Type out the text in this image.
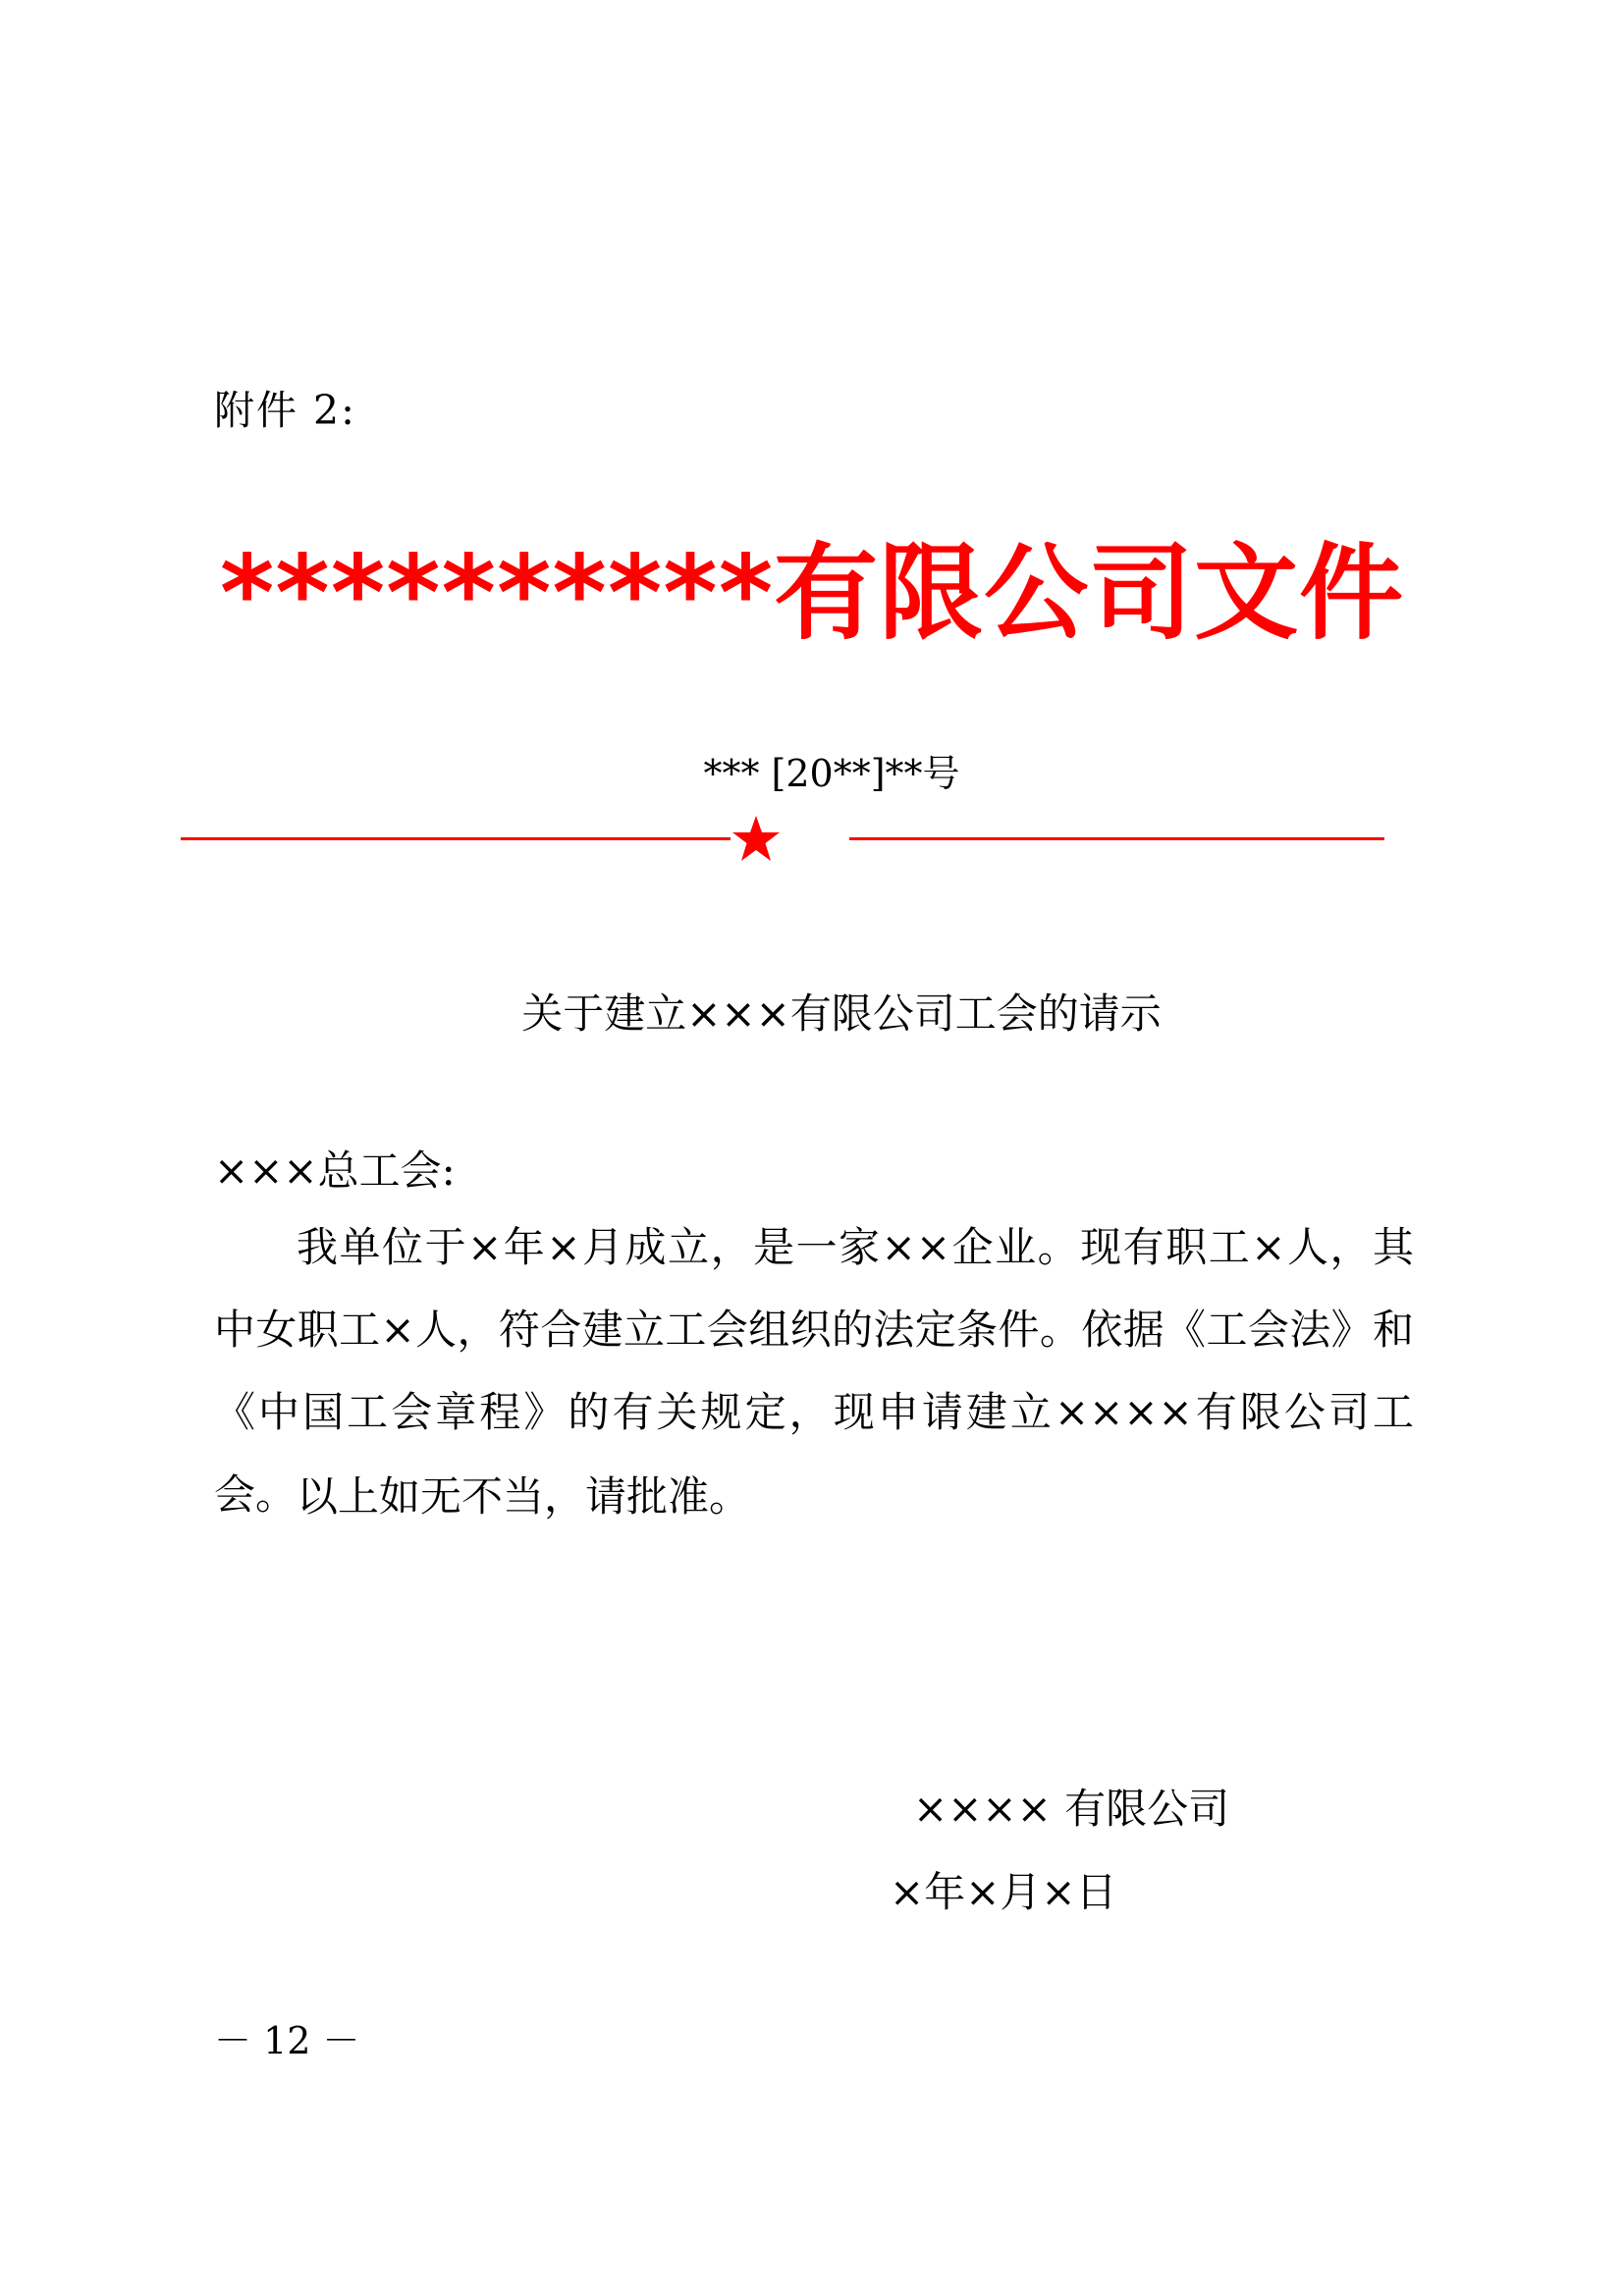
附件 2:
**********有限公司文件
*** [20**]**号
关于建立×××有限公司工会的请示
×××总工会:
我单位于×年×月成立，是一家××企业。现有职工×人，其中女职工×人，符合建立工会组织的法定条件。依据《工会法》和《中国工会章程》的有关规定，现申请建立××××有限公司工会。 以上如无不当，请批准。
×××× 有限公司
×年×月×日
－ 12 －
